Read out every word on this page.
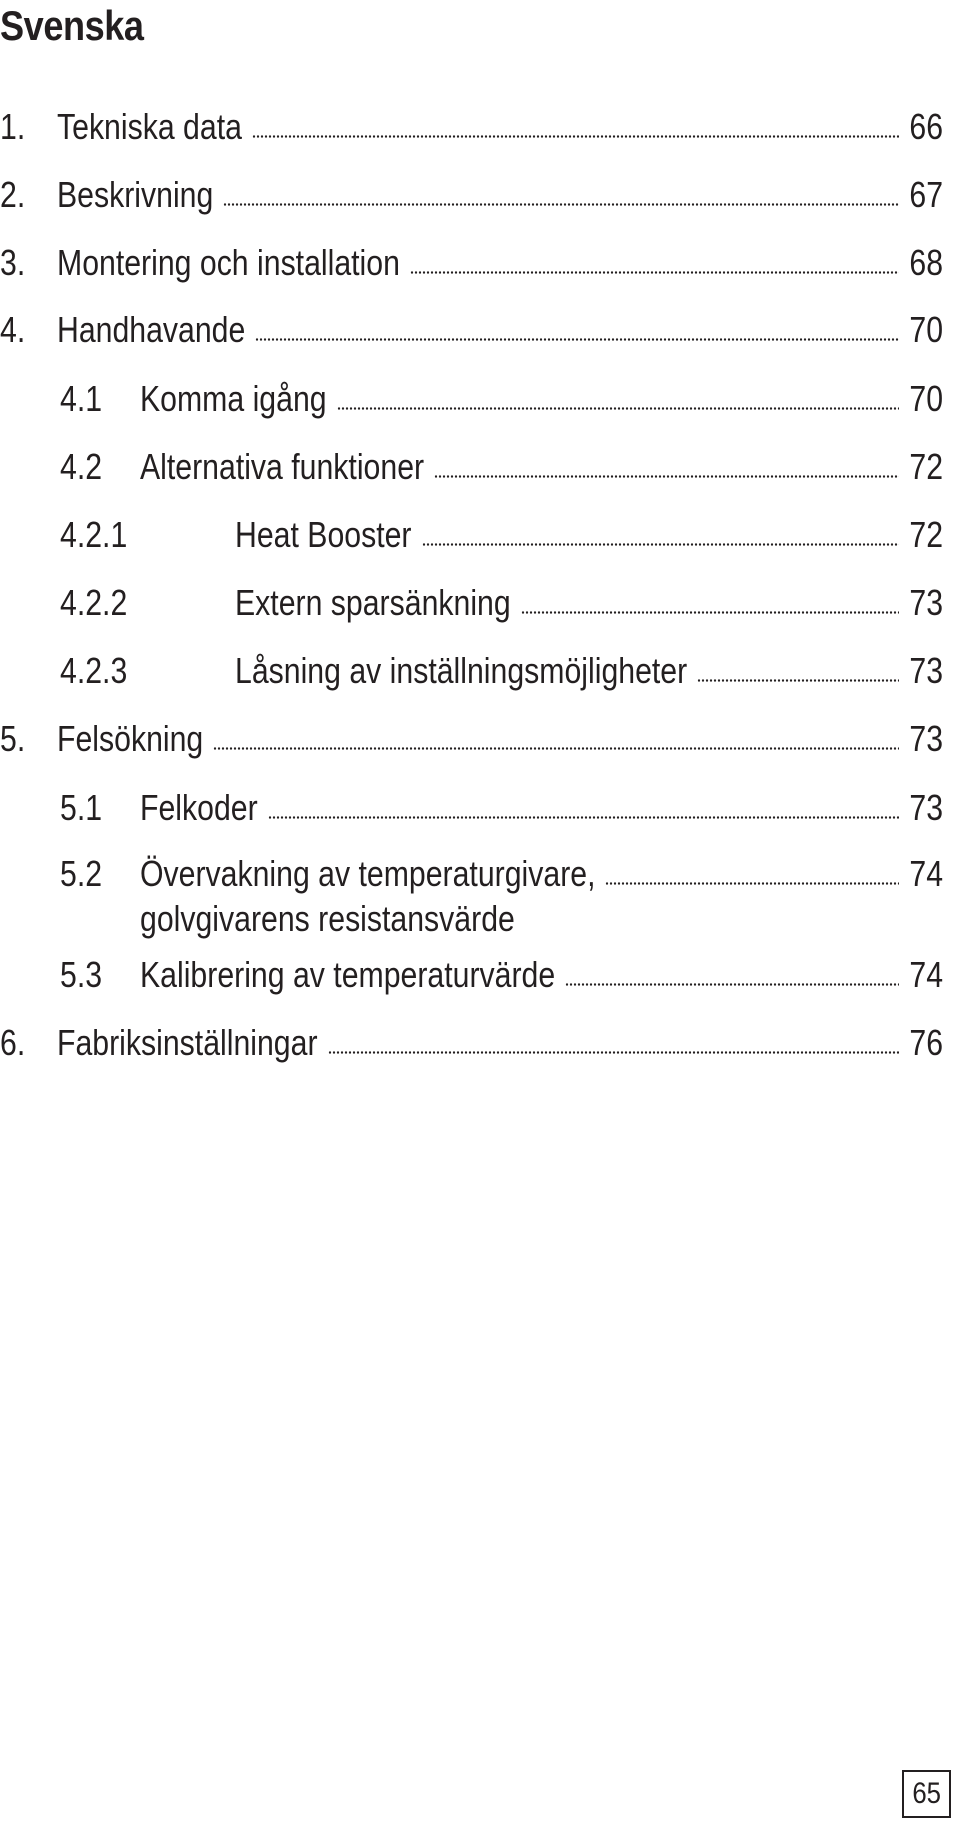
Svenska
1. Tekniska data	66
2. Beskrivning	67
3. Montering och installation	68
4. Handhavande	70
4.1 Komma igång	70
4.2 Alternativa funktioner	72
4.2.1	Heat Booster	72
4.2.2	Extern sparsänkning	73
4.2.3	Låsning av inställningsmöjligheter	73
5. Felsökning	73
5.1 Felkoder	73
5.2 Övervakning av temperaturgivare,	74
golvgivarens resistansvärde
5.3 Kalibrering av temperaturvärde	74
6. Fabriksinställningar	76
65
